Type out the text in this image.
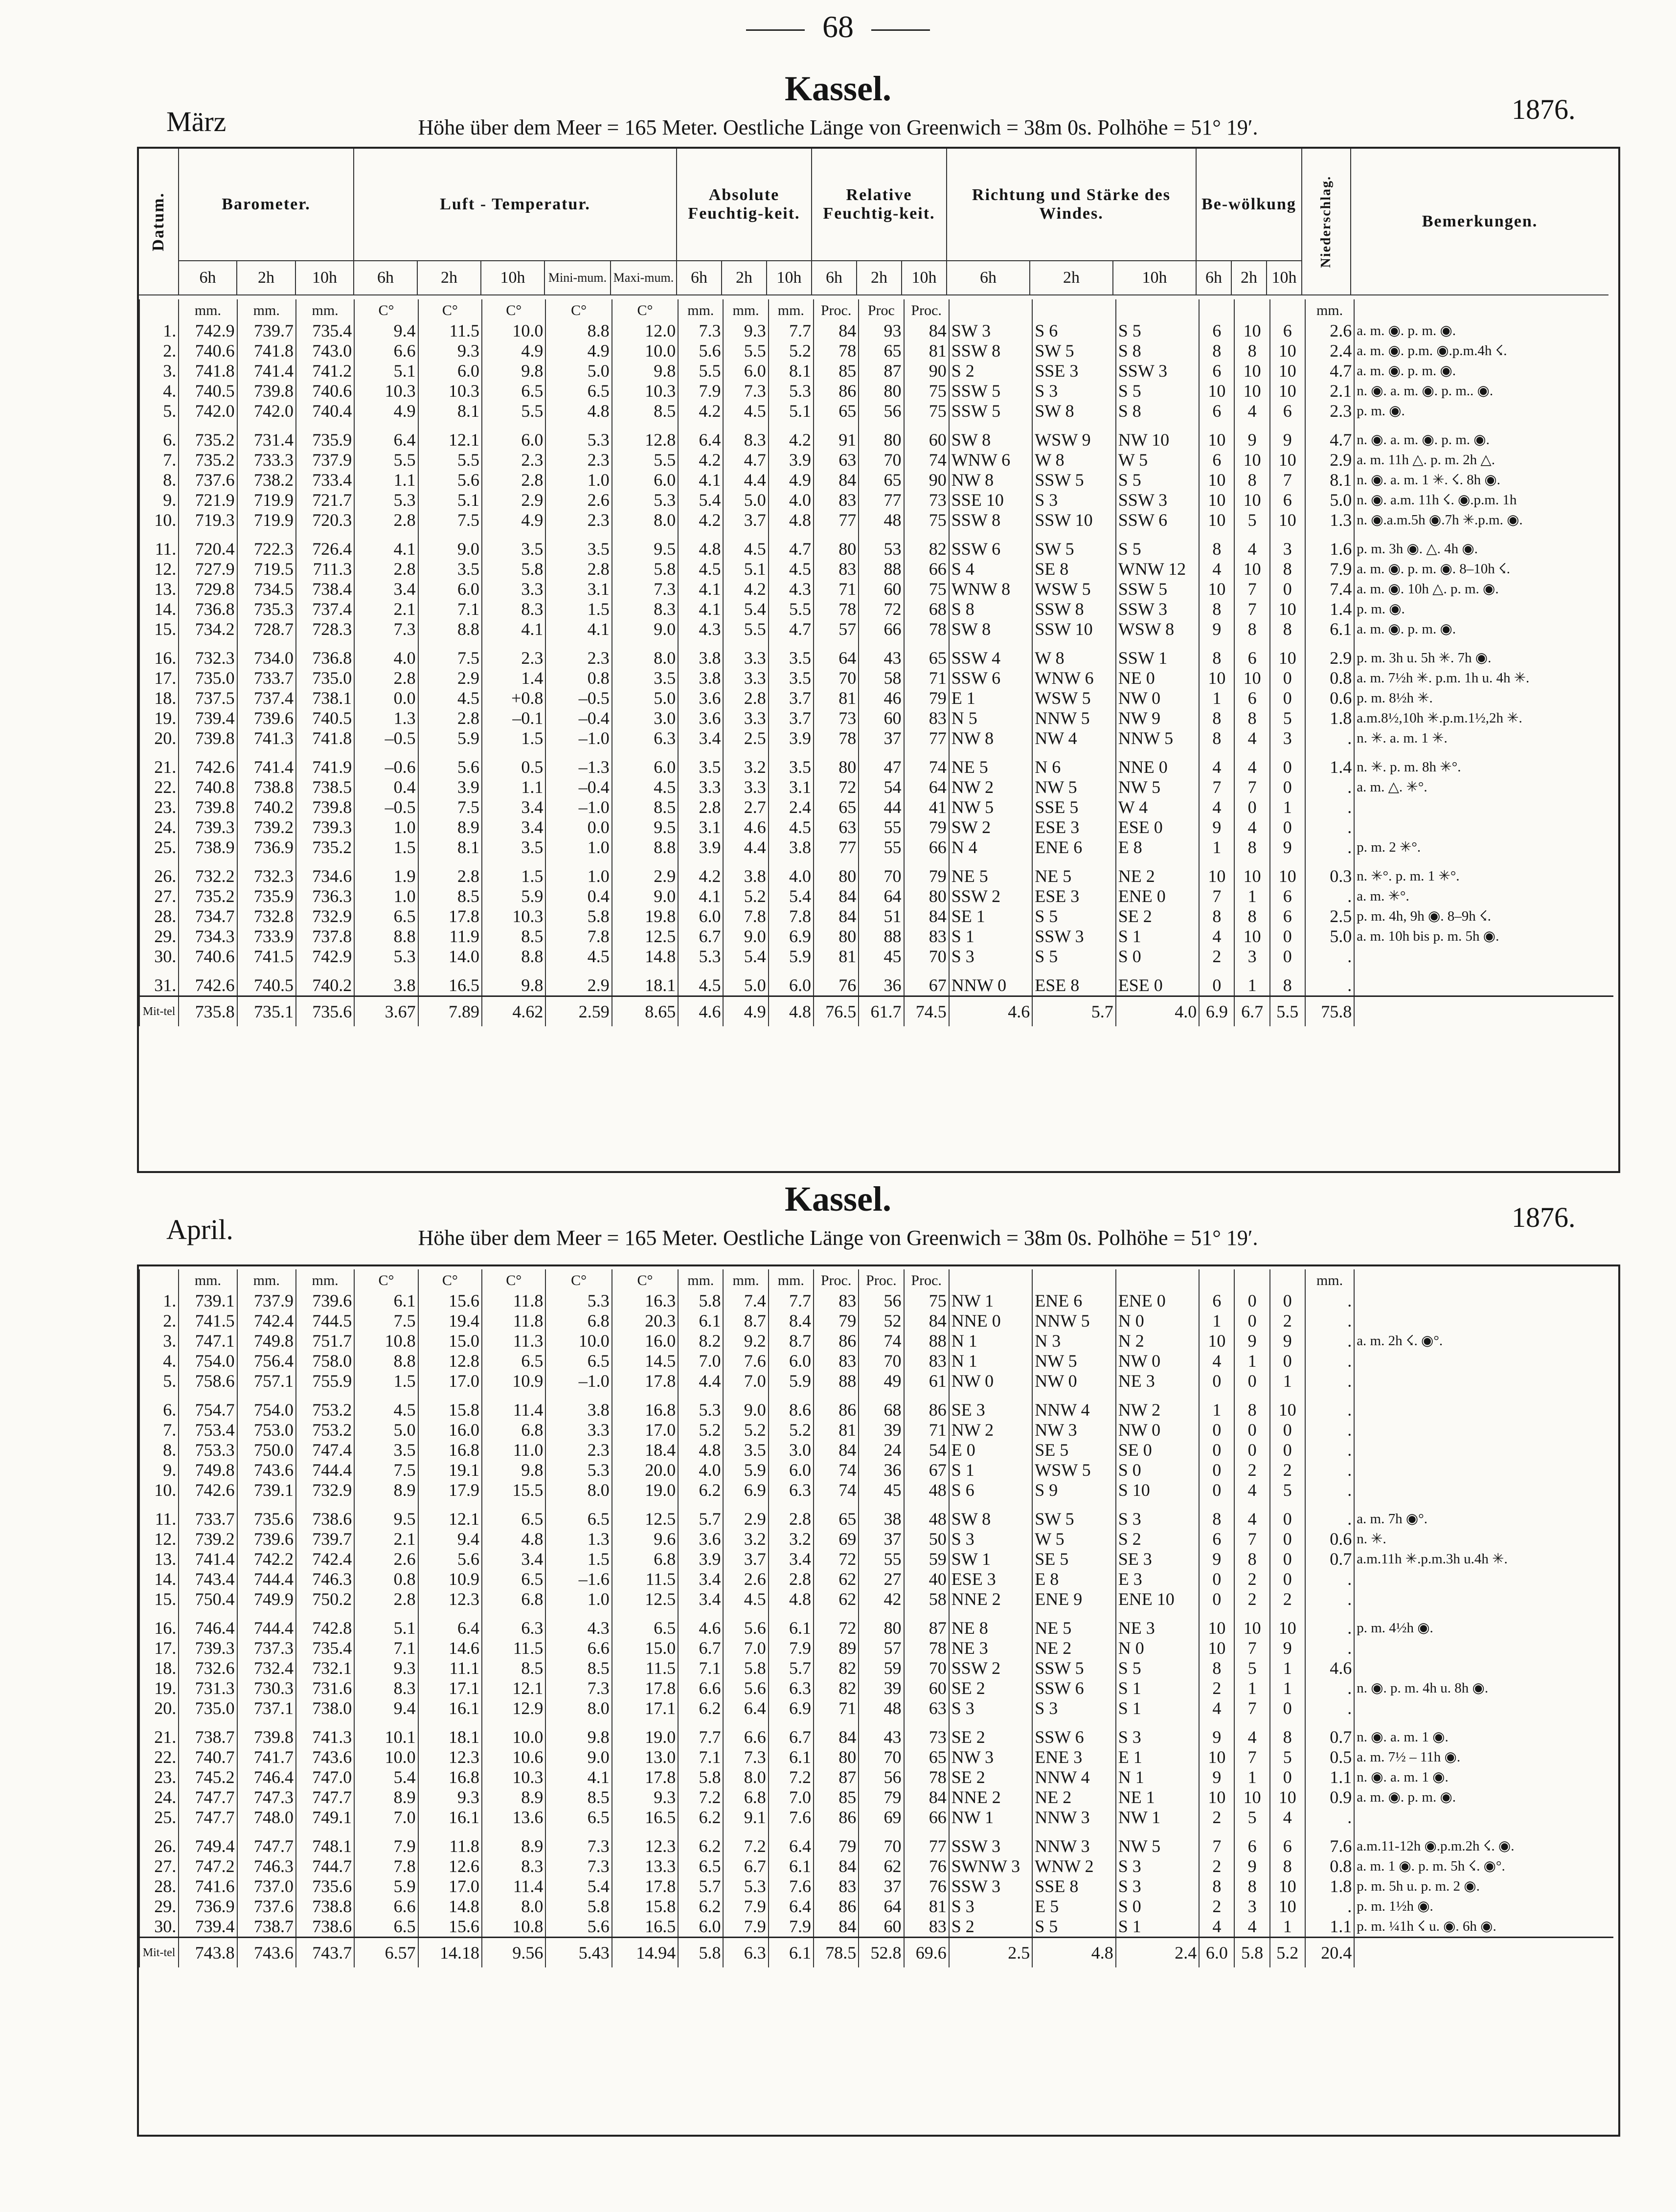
68
März
Kassel.
1876.
Höhe über dem Meer = 165 Meter. Oestliche Länge von Greenwich = 38m 0s. Polhöhe = 51° 19′.
Datum.	Barometer.
6h	2h	10h
Luft - Temperatur.
6h	2h	10h	Mini-mum. Maxi-mum.
Absolute Feuchtig-keit.
6h	2h	10h
Relative Feuchtig-keit.
6h	2h	10h
Richtung und Stärke des Windes.
6h	2h	10h
Be-wölkung
6h	2h 10h
Niederschlag.	Bemerkungen.
	mm.	mm.	mm.	C°	C°	C°	C°	C°	mm.	mm.	mm.	Proc.	Proc	Proc.							mm.	
1.	742.9	739.7	735.4	9.4	11.5	10.0	8.8	12.0	7.3	9.3	7.7	84	93	84	SW 3	S 6	S 5	6	10	6	2.6	a. m. ◉. p. m. ◉.
2.	740.6	741.8	743.0	6.6	9.3	4.9	4.9	10.0	5.6	5.5	5.2	78	65	81	SSW 8	SW 5	S 8	8	8	10	2.4	a. m. ◉. p.m. ◉.p.m.4h ☇.
3.	741.8	741.4	741.2	5.1	6.0	9.8	5.0	9.8	5.5	6.0	8.1	85	87	90	S 2	SSE 3	SSW 3	6	10	10	4.7	a. m. ◉. p. m. ◉.
4.	740.5	739.8	740.6	10.3	10.3	6.5	6.5	10.3	7.9	7.3	5.3	86	80	75	SSW 5	S 3	S 5	10	10	10	2.1	n. ◉. a. m. ◉. p. m.. ◉.
5.	742.0	742.0	740.4	4.9	8.1	5.5	4.8	8.5	4.2	4.5	5.1	65	56	75	SSW 5	SW 8	S 8	6	4	6	2.3	p. m. ◉.
6.	735.2	731.4	735.9	6.4	12.1	6.0	5.3	12.8	6.4	8.3	4.2	91	80	60	SW 8	WSW 9	NW 10	10	9	9	4.7	n. ◉. a. m. ◉. p. m. ◉.
7.	735.2	733.3	737.9	5.5	5.5	2.3	2.3	5.5	4.2	4.7	3.9	63	70	74	WNW 6	W 8	W 5	6	10	10	2.9	a. m. 11h △. p. m. 2h △.
8.	737.6	738.2	733.4	1.1	5.6	2.8	1.0	6.0	4.1	4.4	4.9	84	65	90	NW 8	SSW 5	S 5	10	8	7	8.1	n. ◉. a. m. 1 ✳. ☇. 8h ◉.
9.	721.9	719.9	721.7	5.3	5.1	2.9	2.6	5.3	5.4	5.0	4.0	83	77	73	SSE 10	S 3	SSW 3	10	10	6	5.0	n. ◉. a.m. 11h ☇. ◉.p.m. 1h
10.	719.3	719.9	720.3	2.8	7.5	4.9	2.3	8.0	4.2	3.7	4.8	77	48	75	SSW 8	SSW 10	SSW 6	10	5	10	1.3	n. ◉.a.m.5h ◉.7h ✳.p.m. ◉.
11.	720.4	722.3	726.4	4.1	9.0	3.5	3.5	9.5	4.8	4.5	4.7	80	53	82	SSW 6	SW 5	S 5	8	4	3	1.6	p. m. 3h ◉. △. 4h ◉.
12.	727.9	719.5	711.3	2.8	3.5	5.8	2.8	5.8	4.5	5.1	4.5	83	88	66	S 4	SE 8	WNW 12	4	10	8	7.9	a. m. ◉. p. m. ◉. 8–10h ☇.
13.	729.8	734.5	738.4	3.4	6.0	3.3	3.1	7.3	4.1	4.2	4.3	71	60	75	WNW 8	WSW 5	SSW 5	10	7	0	7.4	a. m. ◉. 10h △. p. m. ◉.
14.	736.8	735.3	737.4	2.1	7.1	8.3	1.5	8.3	4.1	5.4	5.5	78	72	68	S 8	SSW 8	SSW 3	8	7	10	1.4	p. m. ◉.
15.	734.2	728.7	728.3	7.3	8.8	4.1	4.1	9.0	4.3	5.5	4.7	57	66	78	SW 8	SSW 10	WSW 8	9	8	8	6.1	a. m. ◉. p. m. ◉.
16.	732.3	734.0	736.8	4.0	7.5	2.3	2.3	8.0	3.8	3.3	3.5	64	43	65	SSW 4	W 8	SSW 1	8	6	10	2.9	p. m. 3h u. 5h ✳. 7h ◉.
17.	735.0	733.7	735.0	2.8	2.9	1.4	0.8	3.5	3.8	3.3	3.5	70	58	71	SSW 6	WNW 6	NE 0	10	10	0	0.8	a. m. 7½h ✳. p.m. 1h u. 4h ✳.
18.	737.5	737.4	738.1	0.0	4.5	+0.8	–0.5	5.0	3.6	2.8	3.7	81	46	79	E 1	WSW 5	NW 0	1	6	0	0.6	p. m. 8½h ✳.
19.	739.4	739.6	740.5	1.3	2.8	–0.1	–0.4	3.0	3.6	3.3	3.7	73	60	83	N 5	NNW 5	NW 9	8	8	5	1.8	a.m.8½,10h ✳.p.m.1½,2h ✳.
20.	739.8	741.3	741.8	–0.5	5.9	1.5	–1.0	6.3	3.4	2.5	3.9	78	37	77	NW 8	NW 4	NNW 5	8	4	3	.	n. ✳. a. m. 1 ✳.
21.	742.6	741.4	741.9	–0.6	5.6	0.5	–1.3	6.0	3.5	3.2	3.5	80	47	74	NE 5	N 6	NNE 0	4	4	0	1.4	n. ✳. p. m. 8h ✳°.
22.	740.8	738.8	738.5	0.4	3.9	1.1	–0.4	4.5	3.3	3.3	3.1	72	54	64	NW 2	NW 5	NW 5	7	7	0	.	a. m. △. ✳°.
23.	739.8	740.2	739.8	–0.5	7.5	3.4	–1.0	8.5	2.8	2.7	2.4	65	44	41	NW 5	SSE 5	W 4	4	0	1	.	
24.	739.3	739.2	739.3	1.0	8.9	3.4	0.0	9.5	3.1	4.6	4.5	63	55	79	SW 2	ESE 3	ESE 0	9	4	0	.	
25.	738.9	736.9	735.2	1.5	8.1	3.5	1.0	8.8	3.9	4.4	3.8	77	55	66	N 4	ENE 6	E 8	1	8	9	.	p. m. 2 ✳°.
26.	732.2	732.3	734.6	1.9	2.8	1.5	1.0	2.9	4.2	3.8	4.0	80	70	79	NE 5	NE 5	NE 2	10	10	10	0.3	n. ✳°. p. m. 1 ✳°.
27.	735.2	735.9	736.3	1.0	8.5	5.9	0.4	9.0	4.1	5.2	5.4	84	64	80	SSW 2	ESE 3	ENE 0	7	1	6	.	a. m. ✳°.
28.	734.7	732.8	732.9	6.5	17.8	10.3	5.8	19.8	6.0	7.8	7.8	84	51	84	SE 1	S 5	SE 2	8	8	6	2.5	p. m. 4h, 9h ◉. 8–9h ☇.
29.	734.3	733.9	737.8	8.8	11.9	8.5	7.8	12.5	6.7	9.0	6.9	80	88	83	S 1	SSW 3	S 1	4	10	0	5.0	a. m. 10h bis p. m. 5h ◉.
30.	740.6	741.5	742.9	5.3	14.0	8.8	4.5	14.8	5.3	5.4	5.9	81	45	70	S 3	S 5	S 0	2	3	0	.	
31.	742.6	740.5	740.2	3.8	16.5	9.8	2.9	18.1	4.5	5.0	6.0	76	36	67	NNW 0	ESE 8	ESE 0	0	1	8	.	
Mit-tel	735.8	735.1	735.6	3.67	7.89	4.62	2.59	8.65	4.6	4.9	4.8	76.5	61.7	74.5	4.6	5.7	4.0	6.9	6.7	5.5	75.8	
April.
Kassel.	1876.
Höhe über dem Meer = 165 Meter. Oestliche Länge von Greenwich = 38m 0s. Polhöhe = 51° 19′.
	mm.	mm.	mm.	C°	C°	C°	C°	C°	mm.	mm.	mm.	Proc.	Proc.	Proc.							mm.	
1.	739.1	737.9	739.6	6.1	15.6	11.8	5.3	16.3	5.8	7.4	7.7	83	56	75	NW 1	ENE 6	ENE 0	6	0	0	.	
2.	741.5	742.4	744.5	7.5	19.4	11.8	6.8	20.3	6.1	8.7	8.4	79	52	84	NNE 0	NNW 5	N 0	1	0	2	.	
3.	747.1	749.8	751.7	10.8	15.0	11.3	10.0	16.0	8.2	9.2	8.7	86	74	88	N 1	N 3	N 2	10	9	9	.	a. m. 2h ☇. ◉°.
4.	754.0	756.4	758.0	8.8	12.8	6.5	6.5	14.5	7.0	7.6	6.0	83	70	83	N 1	NW 5	NW 0	4	1	0	.	
5.	758.6	757.1	755.9	1.5	17.0	10.9	–1.0	17.8	4.4	7.0	5.9	88	49	61	NW 0	NW 0	NE 3	0	0	1	.	
6.	754.7	754.0	753.2	4.5	15.8	11.4	3.8	16.8	5.3	9.0	8.6	86	68	86	SE 3	NNW 4	NW 2	1	8	10	.	
7.	753.4	753.0	753.2	5.0	16.0	6.8	3.3	17.0	5.2	5.2	5.2	81	39	71	NW 2	NW 3	NW 0	0	0	0	.	
8.	753.3	750.0	747.4	3.5	16.8	11.0	2.3	18.4	4.8	3.5	3.0	84	24	54	E 0	SE 5	SE 0	0	0	0	.	
9.	749.8	743.6	744.4	7.5	19.1	9.8	5.3	20.0	4.0	5.9	6.0	74	36	67	S 1	WSW 5	S 0	0	2	2	.	
10.	742.6	739.1	732.9	8.9	17.9	15.5	8.0	19.0	6.2	6.9	6.3	74	45	48	S 6	S 9	S 10	0	4	5	.	
11.	733.7	735.6	738.6	9.5	12.1	6.5	6.5	12.5	5.7	2.9	2.8	65	38	48	SW 8	SW 5	S 3	8	4	0	.	a. m. 7h ◉°.
12.	739.2	739.6	739.7	2.1	9.4	4.8	1.3	9.6	3.6	3.2	3.2	69	37	50	S 3	W 5	S 2	6	7	0	0.6	n. ✳.
13.	741.4	742.2	742.4	2.6	5.6	3.4	1.5	6.8	3.9	3.7	3.4	72	55	59	SW 1	SE 5	SE 3	9	8	0	0.7	a.m.11h ✳.p.m.3h u.4h ✳.
14.	743.4	744.4	746.3	0.8	10.9	6.5	–1.6	11.5	3.4	2.6	2.8	62	27	40	ESE 3	E 8	E 3	0	2	0	.	
15.	750.4	749.9	750.2	2.8	12.3	6.8	1.0	12.5	3.4	4.5	4.8	62	42	58	NNE 2	ENE 9	ENE 10	0	2	2	.	
16.	746.4	744.4	742.8	5.1	6.4	6.3	4.3	6.5	4.6	5.6	6.1	72	80	87	NE 8	NE 5	NE 3	10	10	10	.	p. m. 4½h ◉.
17.	739.3	737.3	735.4	7.1	14.6	11.5	6.6	15.0	6.7	7.0	7.9	89	57	78	NE 3	NE 2	N 0	10	7	9	.	
18.	732.6	732.4	732.1	9.3	11.1	8.5	8.5	11.5	7.1	5.8	5.7	82	59	70	SSW 2	SSW 5	S 5	8	5	1	4.6	
19.	731.3	730.3	731.6	8.3	17.1	12.1	7.3	17.8	6.6	5.6	6.3	82	39	60	SE 2	SSW 6	S 1	2	1	1	.	n. ◉. p. m. 4h u. 8h ◉.
20.	735.0	737.1	738.0	9.4	16.1	12.9	8.0	17.1	6.2	6.4	6.9	71	48	63	S 3	S 3	S 1	4	7	0	.	
21.	738.7	739.8	741.3	10.1	18.1	10.0	9.8	19.0	7.7	6.6	6.7	84	43	73	SE 2	SSW 6	S 3	9	4	8	0.7	n. ◉. a. m. 1 ◉.
22.	740.7	741.7	743.6	10.0	12.3	10.6	9.0	13.0	7.1	7.3	6.1	80	70	65	NW 3	ENE 3	E 1	10	7	5	0.5	a. m. 7½ – 11h ◉.
23.	745.2	746.4	747.0	5.4	16.8	10.3	4.1	17.8	5.8	8.0	7.2	87	56	78	SE 2	NNW 4	N 1	9	1	0	1.1	n. ◉. a. m. 1 ◉.
24.	747.7	747.3	747.7	8.9	9.3	8.9	8.5	9.3	7.2	6.8	7.0	85	79	84	NNE 2	NE 2	NE 1	10	10	10	0.9	a. m. ◉. p. m. ◉.
25.	747.7	748.0	749.1	7.0	16.1	13.6	6.5	16.5	6.2	9.1	7.6	86	69	66	NW 1	NNW 3	NW 1	2	5	4	.	
26.	749.4	747.7	748.1	7.9	11.8	8.9	7.3	12.3	6.2	7.2	6.4	79	70	77	SSW 3	NNW 3	NW 5	7	6	6	7.6	a.m.11-12h ◉.p.m.2h ☇. ◉.
27.	747.2	746.3	744.7	7.8	12.6	8.3	7.3	13.3	6.5	6.7	6.1	84	62	76	SWNW 3	WNW 2	S 3	2	9	8	0.8	a. m. 1 ◉. p. m. 5h ☇. ◉°.
28.	741.6	737.0	735.6	5.9	17.0	11.4	5.4	17.8	5.7	5.3	7.6	83	37	76	SSW 3	SSE 8	S 3	8	8	10	1.8	p. m. 5h u. p. m. 2 ◉.
29.	736.9	737.6	738.8	6.6	14.8	8.0	5.8	15.8	6.2	7.9	6.4	86	64	81	S 3	E 5	S 0	2	3	10	.	p. m. 1½h ◉.
30.	739.4	738.7	738.6	6.5	15.6	10.8	5.6	16.5	6.0	7.9	7.9	84	60	83	S 2	S 5	S 1	4	4	1	1.1	p. m. ¼1h ☇ u. ◉. 6h ◉.
Mit-tel	743.8	743.6	743.7	6.57	14.18	9.56	5.43	14.94	5.8	6.3	6.1	78.5	52.8	69.6	2.5	4.8	2.4	6.0	5.8	5.2	20.4	
